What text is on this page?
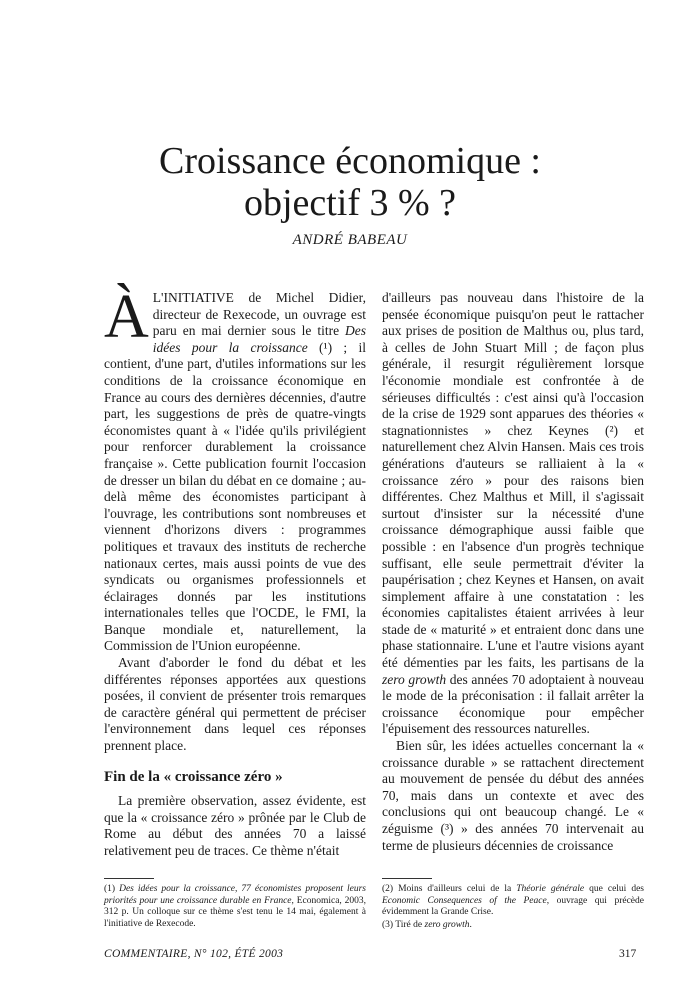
Croissance économique :
objectif 3 % ?
ANDRÉ BABEAU

À L'INITIATIVE de Michel Didier, directeur de Rexecode, un ouvrage est paru en mai dernier sous le titre Des idées pour la croissance (¹) ; il contient, d'une part, d'utiles informations sur les conditions de la croissance économique en France au cours des dernières décennies, d'autre part, les suggestions de près de quatre-vingts économistes quant à « l'idée qu'ils privilégient pour renforcer durablement la croissance française ». Cette publication fournit l'occasion de dresser un bilan du débat en ce domaine ; au-delà même des économistes participant à l'ouvrage, les contributions sont nombreuses et viennent d'horizons divers : programmes politiques et travaux des instituts de recherche nationaux certes, mais aussi points de vue des syndicats ou organismes professionnels et éclairages donnés par les institutions internationales telles que l'OCDE, le FMI, la Banque mondiale et, naturellement, la Commission de l'Union européenne.

Avant d'aborder le fond du débat et les différentes réponses apportées aux questions posées, il convient de présenter trois remarques de caractère général qui permettent de préciser l'environnement dans lequel ces réponses prennent place.

Fin de la « croissance zéro »

La première observation, assez évidente, est que la « croissance zéro » prônée par le Club de Rome au début des années 70 a laissé relativement peu de traces. Ce thème n'était

d'ailleurs pas nouveau dans l'histoire de la pensée économique puisqu'on peut le rattacher aux prises de position de Malthus ou, plus tard, à celles de John Stuart Mill ; de façon plus générale, il resurgit régulièrement lorsque l'économie mondiale est confrontée à de sérieuses difficultés : c'est ainsi qu'à l'occasion de la crise de 1929 sont apparues des théories « stagnationnistes » chez Keynes (²) et naturellement chez Alvin Hansen. Mais ces trois générations d'auteurs se ralliaient à la « croissance zéro » pour des raisons bien différentes. Chez Malthus et Mill, il s'agissait surtout d'insister sur la nécessité d'une croissance démographique aussi faible que possible : en l'absence d'un progrès technique suffisant, elle seule permettrait d'éviter la paupérisation ; chez Keynes et Hansen, on avait simplement affaire à une constatation : les économies capitalistes étaient arrivées à leur stade de « maturité » et entraient donc dans une phase stationnaire. L'une et l'autre visions ayant été démenties par les faits, les partisans de la zero growth des années 70 adoptaient à nouveau le mode de la préconisation : il fallait arrêter la croissance économique pour empêcher l'épuisement des ressources naturelles.

Bien sûr, les idées actuelles concernant la « croissance durable » se rattachent directement au mouvement de pensée du début des années 70, mais dans un contexte et avec des conclusions qui ont beaucoup changé. Le « zéguisme (³) » des années 70 intervenait au terme de plusieurs décennies de croissance

(1) Des idées pour la croissance, 77 économistes proposent leurs priorités pour une croissance durable en France, Economica, 2003, 312 p. Un colloque sur ce thème s'est tenu le 14 mai, également à l'initiative de Rexecode.

(2) Moins d'ailleurs celui de la Théorie générale que celui des Economic Consequences of the Peace, ouvrage qui précède évidemment la Grande Crise.

(3) Tiré de zero growth.

COMMENTAIRE, N° 102, ÉTÉ 2003	317
